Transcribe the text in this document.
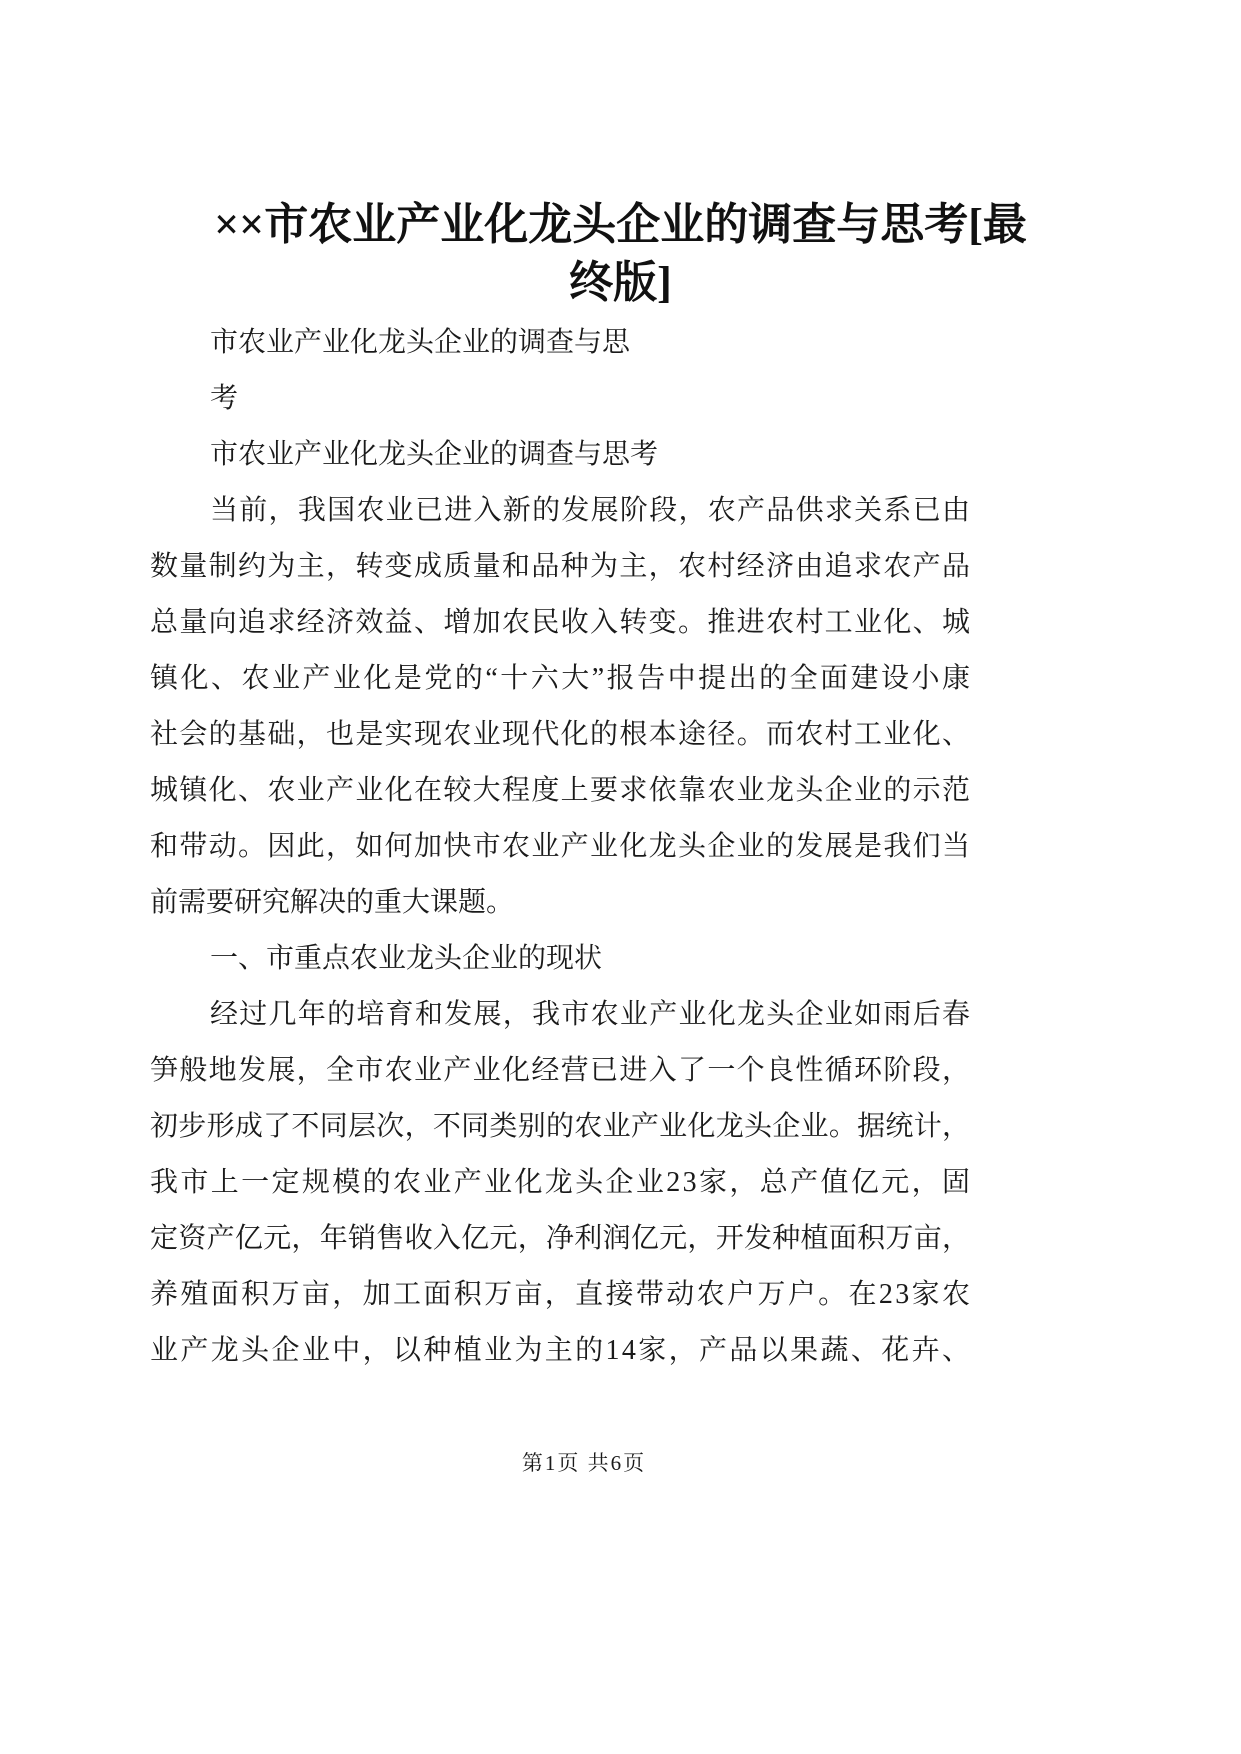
××市农业产业化龙头企业的调查与思考[最
终版]
市农业产业化龙头企业的调查与思
考
市农业产业化龙头企业的调查与思考
当前，我国农业已进入新的发展阶段，农产品供求关系已由
数量制约为主，转变成质量和品种为主，农村经济由追求农产品
总量向追求经济效益、增加农民收入转变。推进农村工业化、城
镇化、农业产业化是党的“十六大”报告中提出的全面建设小康
社会的基础，也是实现农业现代化的根本途径。而农村工业化、
城镇化、农业产业化在较大程度上要求依靠农业龙头企业的示范
和带动。因此，如何加快市农业产业化龙头企业的发展是我们当
前需要研究解决的重大课题。
一、市重点农业龙头企业的现状
经过几年的培育和发展，我市农业产业化龙头企业如雨后春
笋般地发展，全市农业产业化经营已进入了一个良性循环阶段，
初步形成了不同层次，不同类别的农业产业化龙头企业。据统计，
我市上一定规模的农业产业化龙头企业23家，总产值亿元，固
定资产亿元，年销售收入亿元，净利润亿元，开发种植面积万亩，
养殖面积万亩，加工面积万亩，直接带动农户万户。在23家农
业产龙头企业中，以种植业为主的14家，产品以果蔬、花卉、
第1页 共6页
